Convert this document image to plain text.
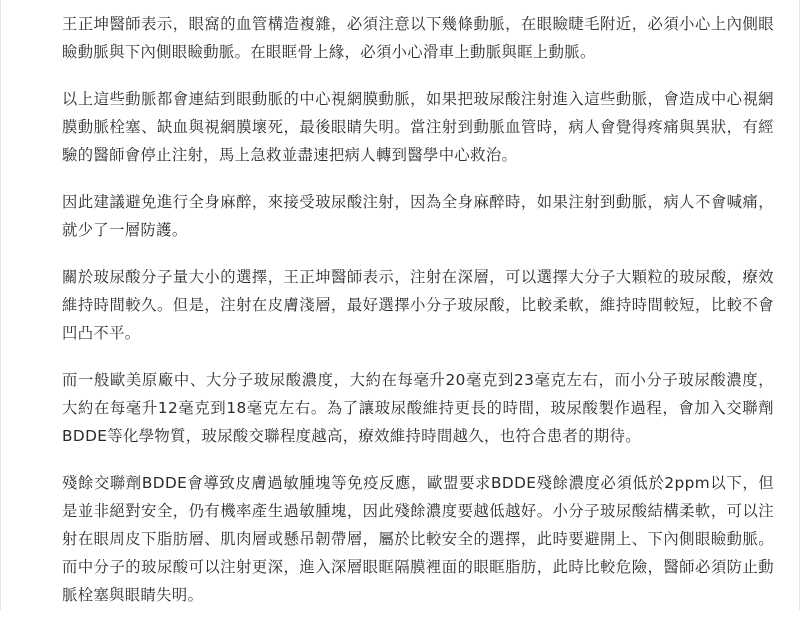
王正坤醫師表示，眼窩的血管構造複雜，必須注意以下幾條動脈，在眼瞼睫毛附近，必須小心上內側眼瞼動脈與下內側眼瞼動脈。在眼眶骨上緣，必須小心滑車上動脈與眶上動脈。

以上這些動脈都會連結到眼動脈的中心視網膜動脈，如果把玻尿酸注射進入這些動脈，會造成中心視網膜動脈栓塞、缺血與視網膜壞死，最後眼睛失明。當注射到動脈血管時，病人會覺得疼痛與異狀，有經驗的醫師會停止注射，馬上急救並盡速把病人轉到醫學中心救治。

因此建議避免進行全身麻醉，來接受玻尿酸注射，因為全身麻醉時，如果注射到動脈，病人不會喊痛，就少了一層防護。

關於玻尿酸分子量大小的選擇，王正坤醫師表示，注射在深層，可以選擇大分子大顆粒的玻尿酸，療效維持時間較久。但是，注射在皮膚淺層，最好選擇小分子玻尿酸，比較柔軟，維持時間較短，比較不會凹凸不平。

而一般歐美原廠中、大分子玻尿酸濃度，大約在每毫升20毫克到23毫克左右，而小分子玻尿酸濃度，大約在每毫升12毫克到18毫克左右。為了讓玻尿酸維持更長的時間，玻尿酸製作過程，會加入交聯劑BDDE等化學物質，玻尿酸交聯程度越高，療效維持時間越久，也符合患者的期待。

殘餘交聯劑BDDE會導致皮膚過敏腫塊等免疫反應，歐盟要求BDDE殘餘濃度必須低於2ppm以下，但是並非絕對安全，仍有機率產生過敏腫塊，因此殘餘濃度要越低越好。小分子玻尿酸結構柔軟，可以注射在眼周皮下脂肪層、肌肉層或懸吊韌帶層，屬於比較安全的選擇，此時要避開上、下內側眼瞼動脈。而中分子的玻尿酸可以注射更深，進入深層眼眶隔膜裡面的眼眶脂肪，此時比較危險，醫師必須防止動脈栓塞與眼睛失明。
